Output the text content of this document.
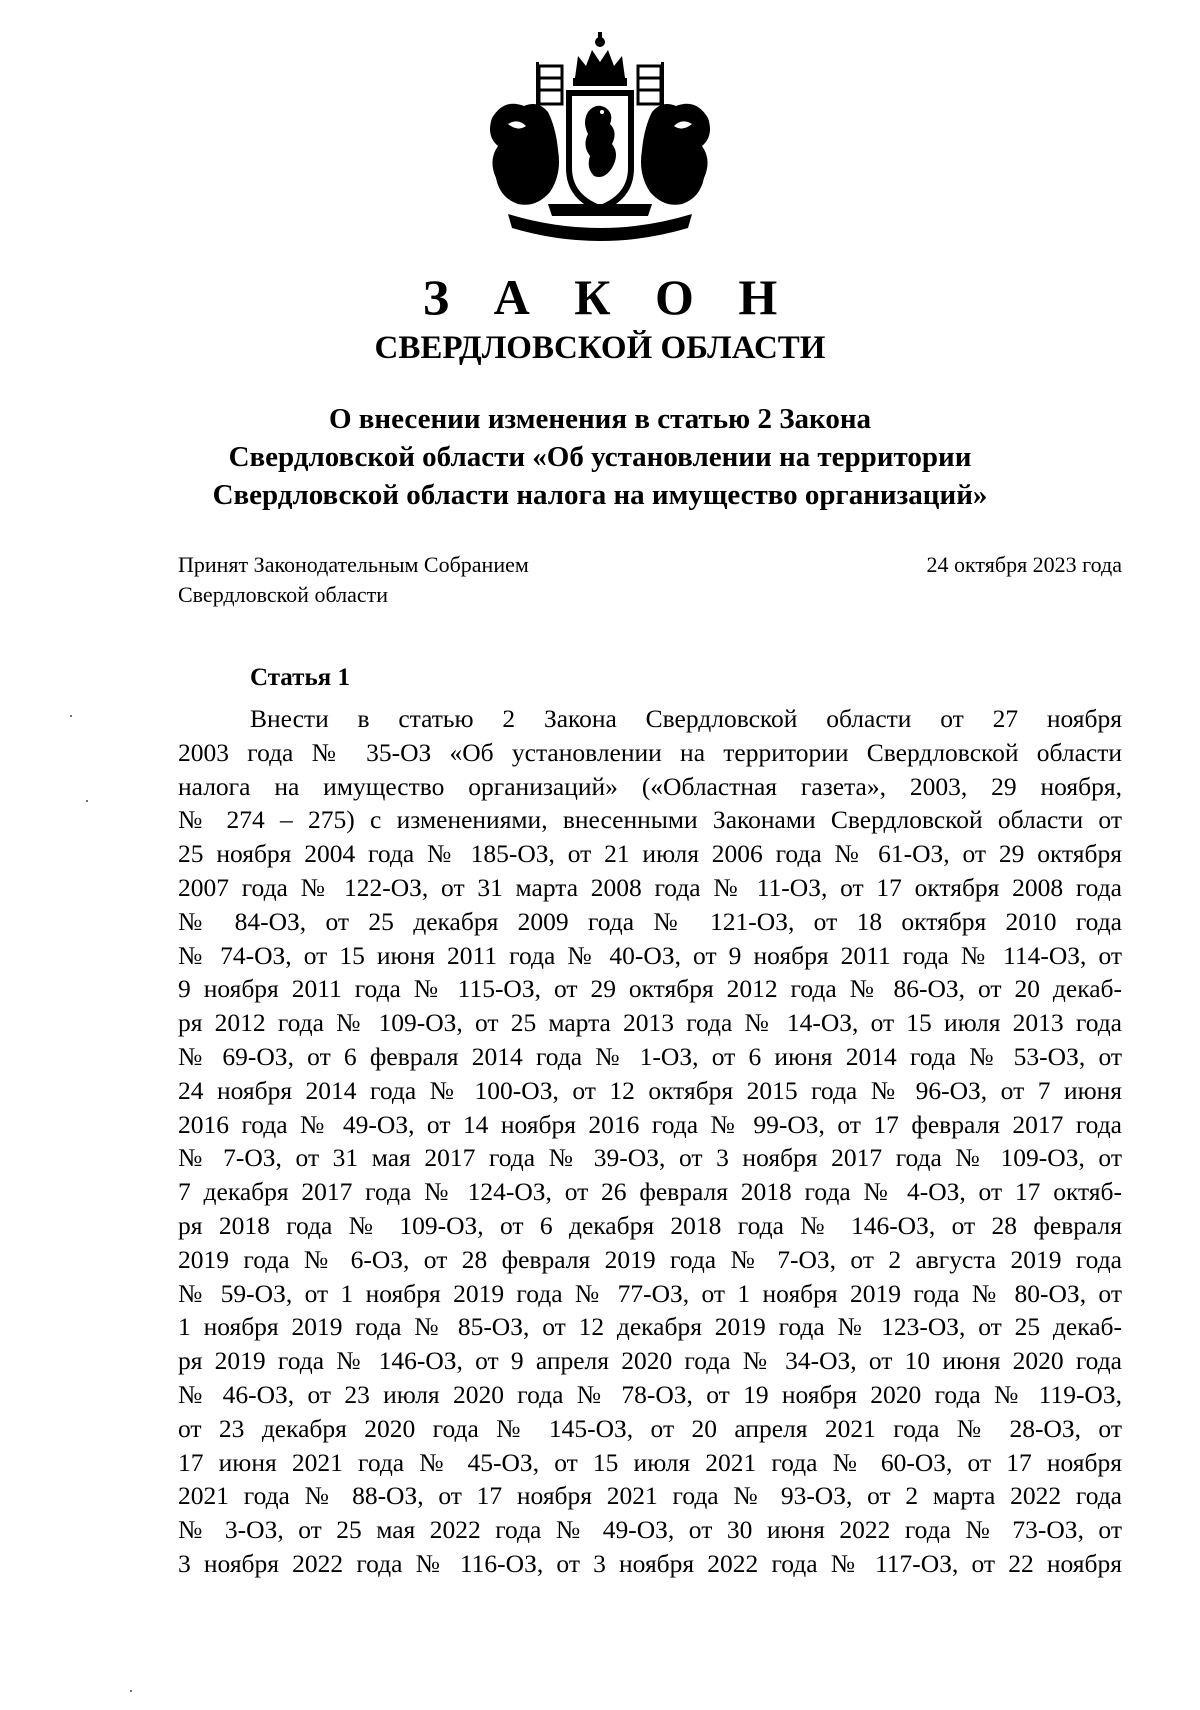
З А К О Н
СВЕРДЛОВСКОЙ ОБЛАСТИ
О внесении изменения в статью 2 Закона
Свердловской области «Об установлении на территории
Свердловской области налога на имущество организаций»
Принят Законодательным Собранием
Свердловской области
24 октября 2023 года
Статья 1
Внести в статью 2 Закона Свердловской области от 27 ноября
2003 года № 35-ОЗ «Об установлении на территории Свердловской области
налога на имущество организаций» («Областная газета», 2003, 29 ноября,
№ 274 – 275) с изменениями, внесенными Законами Свердловской области от
25 ноября 2004 года № 185-ОЗ, от 21 июля 2006 года № 61-ОЗ, от 29 октября
2007 года № 122-ОЗ, от 31 марта 2008 года № 11-ОЗ, от 17 октября 2008 года
№ 84-ОЗ, от 25 декабря 2009 года № 121-ОЗ, от 18 октября 2010 года
№ 74-ОЗ, от 15 июня 2011 года № 40-ОЗ, от 9 ноября 2011 года № 114-ОЗ, от
9 ноября 2011 года № 115-ОЗ, от 29 октября 2012 года № 86-ОЗ, от 20 декаб-
ря 2012 года № 109-ОЗ, от 25 марта 2013 года № 14-ОЗ, от 15 июля 2013 года
№ 69-ОЗ, от 6 февраля 2014 года № 1-ОЗ, от 6 июня 2014 года № 53-ОЗ, от
24 ноября 2014 года № 100-ОЗ, от 12 октября 2015 года № 96-ОЗ, от 7 июня
2016 года № 49-ОЗ, от 14 ноября 2016 года № 99-ОЗ, от 17 февраля 2017 года
№ 7-ОЗ, от 31 мая 2017 года № 39-ОЗ, от 3 ноября 2017 года № 109-ОЗ, от
7 декабря 2017 года № 124-ОЗ, от 26 февраля 2018 года № 4-ОЗ, от 17 октяб-
ря 2018 года № 109-ОЗ, от 6 декабря 2018 года № 146-ОЗ, от 28 февраля
2019 года № 6-ОЗ, от 28 февраля 2019 года № 7-ОЗ, от 2 августа 2019 года
№ 59-ОЗ, от 1 ноября 2019 года № 77-ОЗ, от 1 ноября 2019 года № 80-ОЗ, от
1 ноября 2019 года № 85-ОЗ, от 12 декабря 2019 года № 123-ОЗ, от 25 декаб-
ря 2019 года № 146-ОЗ, от 9 апреля 2020 года № 34-ОЗ, от 10 июня 2020 года
№ 46-ОЗ, от 23 июля 2020 года № 78-ОЗ, от 19 ноября 2020 года № 119-ОЗ,
от 23 декабря 2020 года № 145-ОЗ, от 20 апреля 2021 года № 28-ОЗ, от
17 июня 2021 года № 45-ОЗ, от 15 июля 2021 года № 60-ОЗ, от 17 ноября
2021 года № 88-ОЗ, от 17 ноября 2021 года № 93-ОЗ, от 2 марта 2022 года
№ 3-ОЗ, от 25 мая 2022 года № 49-ОЗ, от 30 июня 2022 года № 73-ОЗ, от
3 ноября 2022 года № 116-ОЗ, от 3 ноября 2022 года № 117-ОЗ, от 22 ноября
